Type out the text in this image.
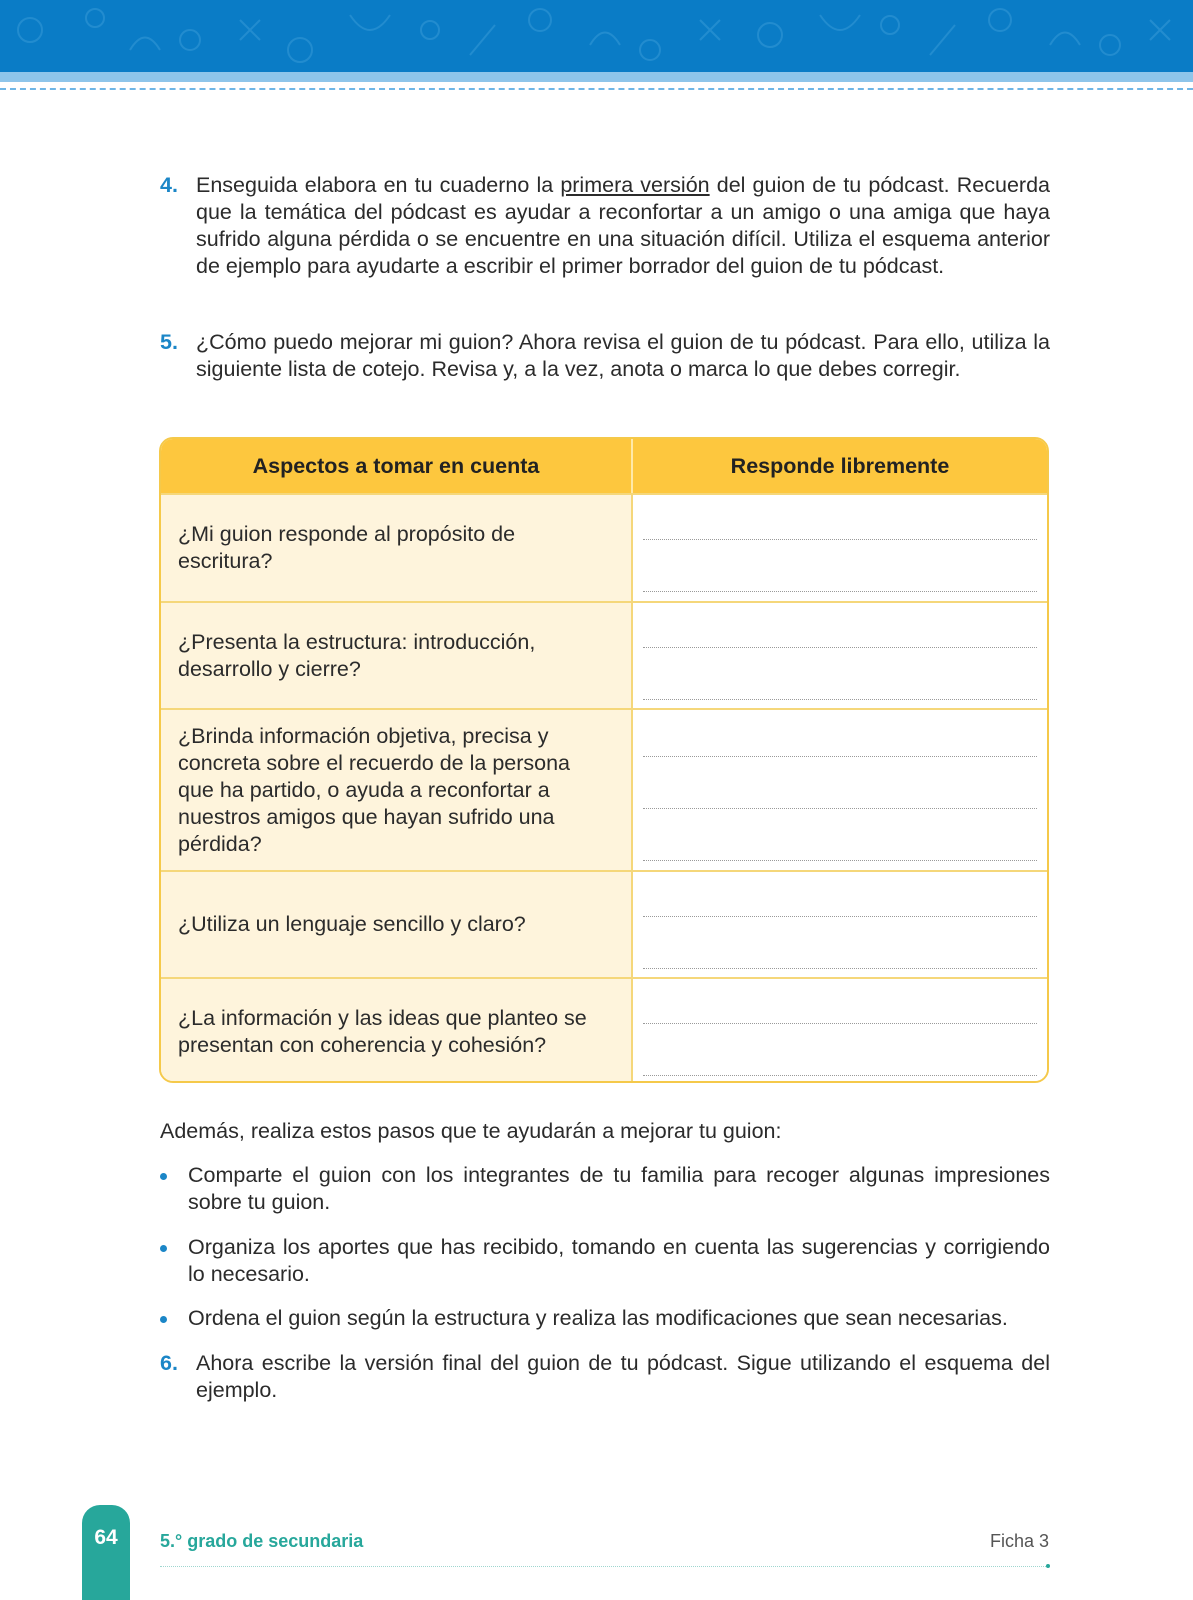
4. Enseguida elabora en tu cuaderno la primera versión del guion de tu pódcast. Recuerda que la temática del pódcast es ayudar a reconfortar a un amigo o una amiga que haya sufrido alguna pérdida o se encuentre en una situación difícil. Utiliza el esquema anterior de ejemplo para ayudarte a escribir el primer borrador del guion de tu pódcast.
5. ¿Cómo puedo mejorar mi guion? Ahora revisa el guion de tu pódcast. Para ello, utiliza la siguiente lista de cotejo. Revisa y, a la vez, anota o marca lo que debes corregir.
Aspectos a tomar en cuenta	Responde libremente
¿Mi guion responde al propósito de escritura?
¿Presenta la estructura: introducción, desarrollo y cierre?
¿Brinda información objetiva, precisa y concreta sobre el recuerdo de la persona que ha partido, o ayuda a reconfortar a nuestros amigos que hayan sufrido una pérdida?
¿Utiliza un lenguaje sencillo y claro?
¿La información y las ideas que planteo se presentan con coherencia y cohesión?
Además, realiza estos pasos que te ayudarán a mejorar tu guion:
Comparte el guion con los integrantes de tu familia para recoger algunas impresiones sobre tu guion.
Organiza los aportes que has recibido, tomando en cuenta las sugerencias y corrigiendo lo necesario.
Ordena el guion según la estructura y realiza las modificaciones que sean necesarias.
6. Ahora escribe la versión final del guion de tu pódcast. Sigue utilizando el esquema del ejemplo.
64	5.° grado de secundaria	Ficha 3
